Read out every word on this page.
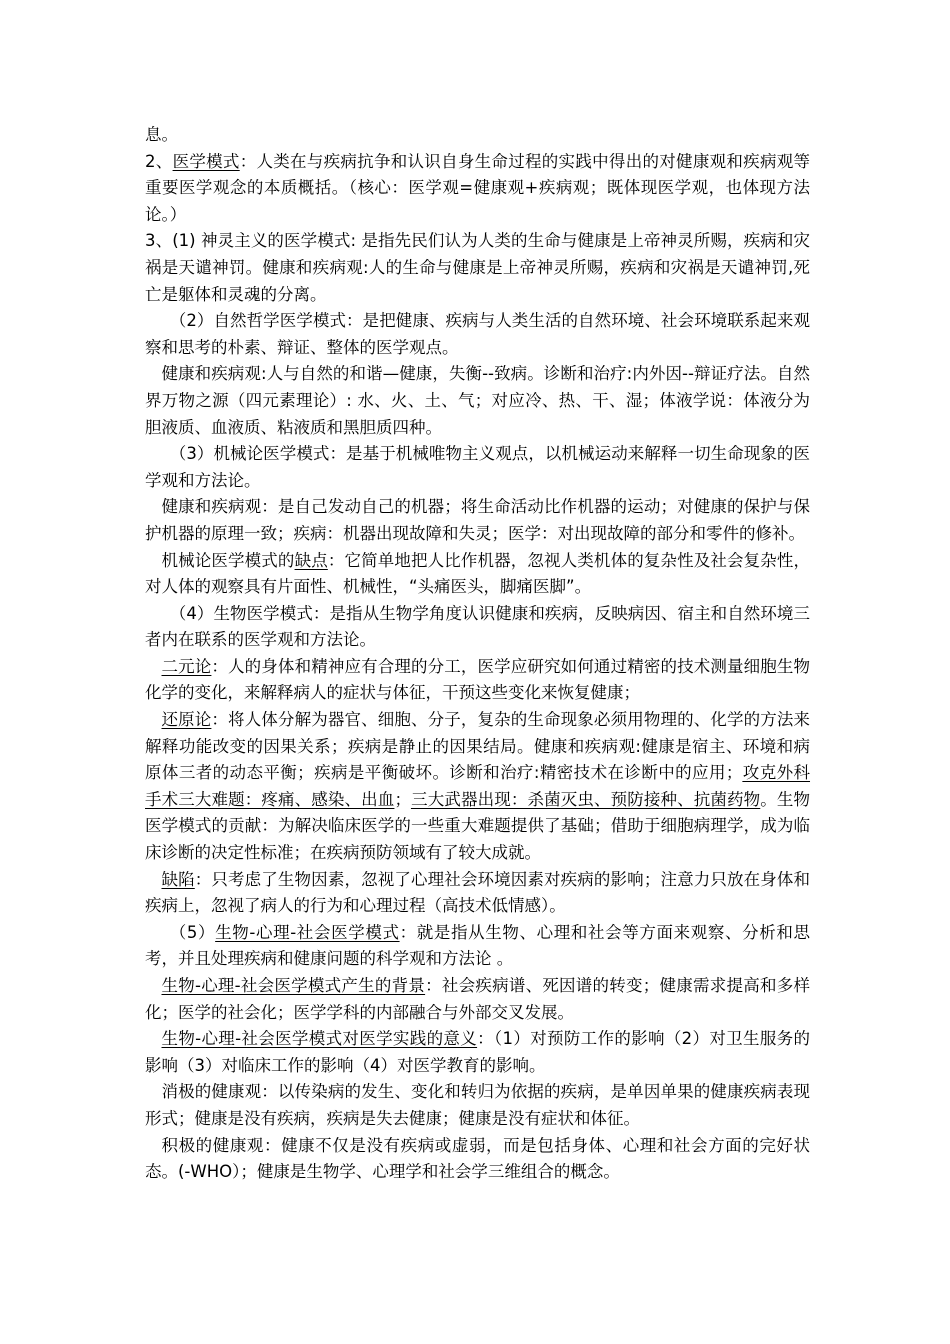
息。

2、医学模式：人类在与疾病抗争和认识自身生命过程的实践中得出的对健康观和疾病观等重要医学观念的本质概括。（核心：医学观=健康观+疾病观；既体现医学观，也体现方法论。）

3、(1) 神灵主义的医学模式: 是指先民们认为人类的生命与健康是上帝神灵所赐，疾病和灾祸是天谴神罚。健康和疾病观:人的生命与健康是上帝神灵所赐，疾病和灾祸是天谴神罚,死亡是躯体和灵魂的分离。

（2）自然哲学医学模式：是把健康、疾病与人类生活的自然环境、社会环境联系起来观察和思考的朴素、辩证、整体的医学观点。

健康和疾病观:人与自然的和谐—健康，失衡--致病。诊断和治疗:内外因--辩证疗法。自然界万物之源（四元素理论）: 水、火、土、气；对应冷、热、干、湿；体液学说：体液分为胆液质、血液质、粘液质和黑胆质四种。

（3）机械论医学模式：是基于机械唯物主义观点，以机械运动来解释一切生命现象的医学观和方法论。

健康和疾病观：是自己发动自己的机器；将生命活动比作机器的运动；对健康的保护与保护机器的原理一致；疾病：机器出现故障和失灵；医学：对出现故障的部分和零件的修补。

机械论医学模式的缺点：它简单地把人比作机器，忽视人类机体的复杂性及社会复杂性，对人体的观察具有片面性、机械性，“头痛医头，脚痛医脚”。

（4）生物医学模式：是指从生物学角度认识健康和疾病，反映病因、宿主和自然环境三者内在联系的医学观和方法论。

二元论：人的身体和精神应有合理的分工，医学应研究如何通过精密的技术测量细胞生物化学的变化，来解释病人的症状与体征，干预这些变化来恢复健康；

还原论：将人体分解为器官、细胞、分子，复杂的生命现象必须用物理的、化学的方法来解释功能改变的因果关系；疾病是静止的因果结局。健康和疾病观:健康是宿主、环境和病原体三者的动态平衡；疾病是平衡破坏。诊断和治疗:精密技术在诊断中的应用；攻克外科手术三大难题：疼痛、感染、出血；三大武器出现：杀菌灭虫、预防接种、抗菌药物。生物医学模式的贡献：为解决临床医学的一些重大难题提供了基础；借助于细胞病理学，成为临床诊断的决定性标准；在疾病预防领域有了较大成就。

缺陷：只考虑了生物因素，忽视了心理社会环境因素对疾病的影响；注意力只放在身体和疾病上，忽视了病人的行为和心理过程（高技术低情感）。

（5）生物-心理-社会医学模式：就是指从生物、心理和社会等方面来观察、分析和思考，并且处理疾病和健康问题的科学观和方法论 。

生物-心理-社会医学模式产生的背景：社会疾病谱、死因谱的转变；健康需求提高和多样化；医学的社会化；医学学科的内部融合与外部交叉发展。

生物-心理-社会医学模式对医学实践的意义：（1）对预防工作的影响（2）对卫生服务的影响（3）对临床工作的影响（4）对医学教育的影响。

消极的健康观：以传染病的发生、变化和转归为依据的疾病，是单因单果的健康疾病表现形式；健康是没有疾病，疾病是失去健康；健康是没有症状和体征。

积极的健康观：健康不仅是没有疾病或虚弱，而是包括身体、心理和社会方面的完好状态。(-WHO）；健康是生物学、心理学和社会学三维组合的概念。
